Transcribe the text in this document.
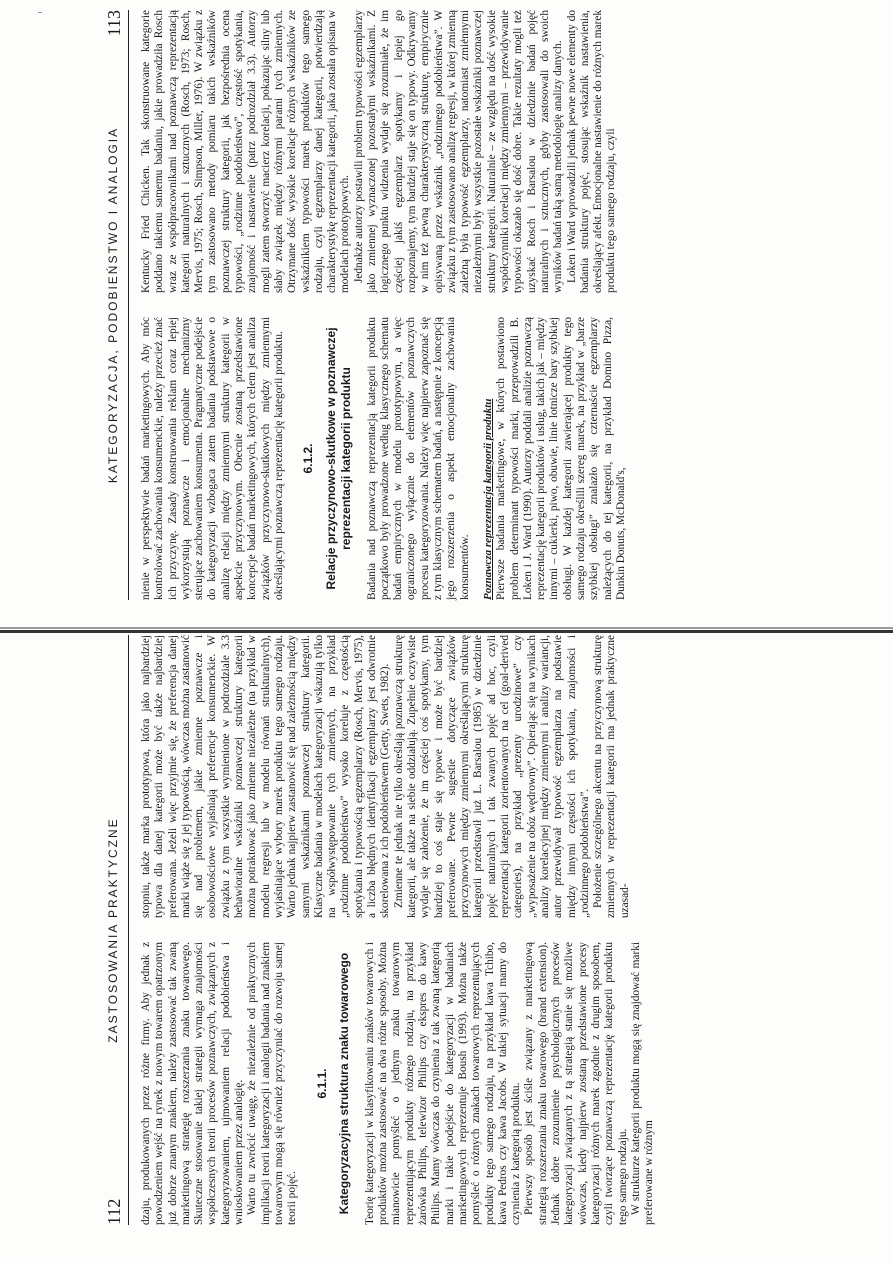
112
ZASTOSOWANIA PRAKTYCZNE

dzaju, produkowanych przez różne firmy. Aby jednak z powodzeniem wejść na rynek z nowym towarem opatrzonym już dobrze znanym znakiem, należy zastosować tak zwaną marketingową strategię rozszerzania znaku towarowego. Skuteczne stosowanie takiej strategii wymaga znajomości współczesnych teorii procesów poznawczych, związanych z kategoryzowaniem, ujmowaniem relacji podobieństwa i wnioskowaniem przez analogię. Warto tu zwrócić uwagę, że niezależnie od praktycznych implikacji teorii kategoryzacji i analogii badania nad znakiem towarowym mogą się również przyczyniać do rozwoju samej teorii pojęć.

6.1.1. Kategoryzacyjna struktura znaku towarowego Teorię kategoryzacji w klasyfikowaniu znaków towarowych i produktów można zastosować na dwa różne sposoby. Można mianowicie pomyśleć o jednym znaku towarowym reprezentującym produkty różnego rodzaju, na przykład żarówka Philips, telewizor Philips czy ekspres do kawy Philips. Mamy wówczas do czynienia z tak zwaną kategorią marki i takie podejście do kategoryzacji w badaniach marketingowych reprezentuje Boush (1993). Można także pomyśleć o różnych znakach towarowych reprezentujących produkty tego samego rodzaju, na przykład kawa Tchibo, kawa Pedros czy kawa Jacobs. W takiej sytuacji mamy do czynienia z kategorią produktu. Pierwszy sposób jest ściśle związany z marketingową strategią rozszerzania znaku towarowego (brand extension). Jednak dobre zrozumienie psychologicznych procesów kategoryzacji związanych z tą strategią stanie się możliwe wówczas, kiedy najpierw zostaną przedstawione procesy kategoryzacji różnych marek zgodnie z drugim sposobem, czyli tworzące poznawczą reprezentację kategorii produktu tego samego rodzaju. W strukturze kategorii produktu mogą się znajdować marki preferowane w różnym

stopniu, także marka prototypowa, która jako najbardziej typowa dla danej kategorii może być także najbardziej preferowana. Jeżeli więc przyjmie się, że preferencja danej marki wiąże się z jej typowością, wówczas można zastanowić się nad problemem, jakie zmienne poznawcze i osobowościowe wyjaśniają preferencje konsumenckie. W związku z tym wszystkie wymienione w podrozdziale 3.3 behawioralne wskaźniki poznawczej struktury kategorii można potraktować jako zmienne niezależne (na przykład w modelu regresji lub w modelu równań strukturalnych), wyjaśniające wybory marek produktu tego samego rodzaju. Warto jednak najpierw zastanowić się nad zależnością między samymi wskaźnikami poznawczej struktury kategorii. Klasyczne badania w modelach kategoryzacji wskazują tylko na współwystępowanie tych zmiennych, na przykład „rodzinne podobieństwo” wysoko koreluje z częstością spotykania i typowością egzemplarzy (Rosch, Mervis, 1975), a liczba błędnych identyfikacji egzemplarzy jest odwrotnie skorelowana z ich podobieństwem (Getty, Swets, 1982). Zmienne te jednak nie tylko określają poznawczą strukturę kategorii, ale także na siebie oddziałują. Zupełnie oczywiste wydaje się założenie, że im częściej coś spotykamy, tym bardziej to coś staje się typowe i może być bardziej preferowane. Pewne sugestie dotyczące związków przyczynowych między zmiennymi określającymi strukturę kategorii przedstawił już L. Barsalou (1985) w dziedzinie pojęć naturalnych i tak zwanych pojęć ad hoc, czyli reprezentacji kategorii zorientowanych na cel (goal-derived categories), na przykład „prezenty urodzinowe” czy „wyposażenie na obóz wędrowny”. Opierając się na wynikach analizy korelacyjnej między zmiennymi i analizy wariancji, autor przewidywał typowość egzemplarza na podstawie między innymi częstości ich spotykania, znajomości i „rodzinnego podobieństwa”. Położenie szczególnego akcentu na przyczynową strukturę zmiennych w reprezentacji kategorii ma jednak praktyczne uzasad-

KATEGORYZACJA, PODOBIEŃSTWO I ANALOGIA
113

nienie w perspektywie badań marketingowych. Aby móc kontrolować zachowania konsumenckie, należy przecież znać ich przyczynę. Zasady konstruowania reklam coraz lepiej wykorzystują poznawcze i emocjonalne mechanizmy sterujące zachowaniem konsumenta. Pragmatyczne podejście do kategoryzacji wzbogaca zatem badania podstawowe o analizę relacji między zmiennymi struktury kategorii w aspekcie przyczynowym. Obecnie zostaną przedstawione koncepcje badań marketingowych, których celem jest analiza związków przyczynowo-skutkowych między zmiennymi określającymi poznawczą reprezentację kategorii produktu. 6.1.2. Relacje przyczynowo-skutkowe w poznawczej reprezentacji kategorii produktu Badania nad poznawczą reprezentacją kategorii produktu początkowo były prowadzone według klasycznego schematu badań empirycznych w modelu prototypowym, a więc ograniczonego wyłącznie do elementów poznawczych procesu kategoryzowania. Należy więc najpierw zapoznać się z tym klasycznym schematem badań, a następnie z koncepcją jego rozszerzenia o aspekt emocjonalny zachowania konsumentów. Poznawcza reprezentacja kategorii produktu Pierwsze badania marketingowe, w których postawiono problem determinant typowości marki, przeprowadzili B. Loken i J. Ward (1990). Autorzy poddali analizie poznawczą reprezentację kategorii produktów i usług, takich jak – między innymi – cukierki, piwo, obuwie, linie lotnicze bary szybkiej obsługi. W każdej kategorii zawierającej produkty tego samego rodzaju określili szereg marek, na przykład w „barze szybkiej obsługi” znalazło się czternaście egzemplarzy należących do tej kategorii, na przykład Domino Pizza, Dunkin Donuts, McDonald's,

Kentucky Fried Chicken. Tak skonstruowane kategorie poddano takiemu samemu badaniu, jakie prowadziła Rosch wraz ze współpracownikami nad poznawczą reprezentacją kategorii naturalnych i sztucznych (Rosch, 1973; Rosch, Mervis, 1975; Rosch, Simpson, Miller, 1976). W związku z tym zastosowano metody pomiaru takich wskaźników poznawczej struktury kategorii, jak bezpośrednia ocena typowości, „rodzinne podobieństwo”, częstość spotykania, znajomość i nastawienie (patrz podrozdział 3.3). Autorzy mogli zatem stworzyć macierz korelacji, pokazując silny lub słaby związek między różnymi parami tych zmiennych. Otrzymane dość wysokie korelacje różnych wskaźników ze wskaźnikiem typowości marek produktów tego samego rodzaju, czyli egzemplarzy danej kategorii, potwierdzają charakterystykę reprezentacji kategorii, jaka została opisana w modelach prototypowych. Jednakże autorzy postawili problem typowości egzemplarzy jako zmiennej wyznaczonej pozostałymi wskaźnikami. Z logicznego punktu widzenia wydaje się zrozumiałe, że im częściej jakiś egzemplarz spotykamy i lepiej go rozpoznajemy, tym bardziej staje się on typowy. Odkrywamy w nim też pewną charakterystyczną strukturę, empirycznie opisywaną przez wskaźnik „rodzinnego podobieństwa”. W związku z tym zastosowano analizę regresji, w której zmienną zależną była typowość egzemplarzy, natomiast zmiennymi niezależnymi były wszystkie pozostałe wskaźniki poznawczej struktury kategorii. Naturalnie – ze względu na dość wysokie współczynniki korelacji między zmiennymi – przewidywanie typowości okazało się dość dobre. Takie rezultaty mogli też uzyskać Rosch i Barsalou w dziedzinie badań pojęć naturalnych i sztucznych, gdyby zastosowali do swoich wyników badań taką samą metodologię analizy danych. Loken i Ward wprowadzili jednak pewne nowe elementy do badania struktury pojęć, stosując wskaźnik nastawienia, określający afekt. Emocjonalne nastawienie do różnych marek produktu tego samego rodzaju, czyli
